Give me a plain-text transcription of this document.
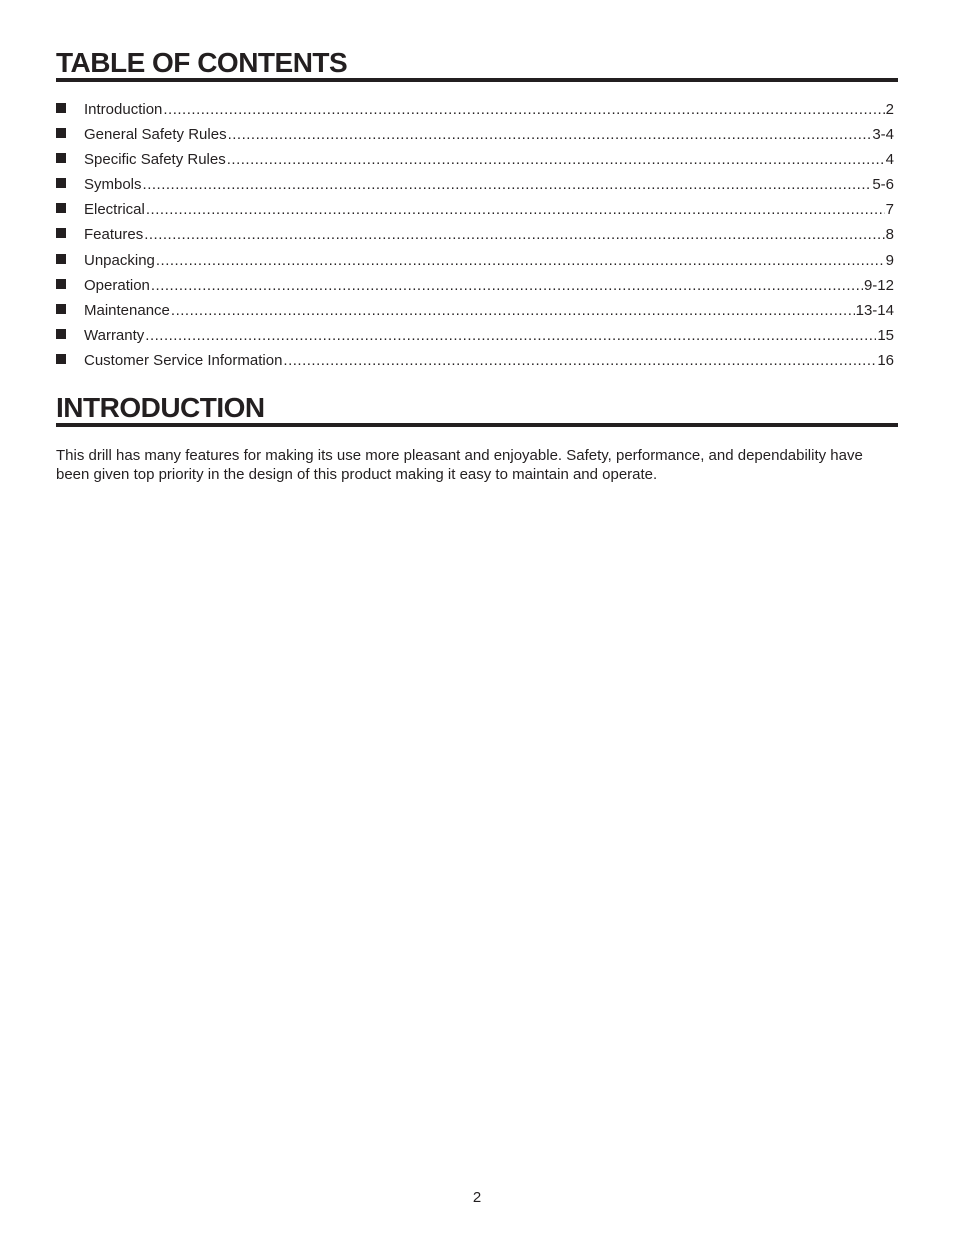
TABLE OF CONTENTS
Introduction .....	2
General Safety Rules .....	3-4
Specific Safety Rules .....	4
Symbols .....	5-6
Electrical .....	7
Features .....	8
Unpacking .....	9
Operation .....	9-12
Maintenance .....	13-14
Warranty .....	15
Customer Service Information .....	16
INTRODUCTION

This drill has many features for making its use more pleasant and enjoyable. Safety, performance, and dependability have been given top priority in the design of this product making it easy to maintain and operate.

2
